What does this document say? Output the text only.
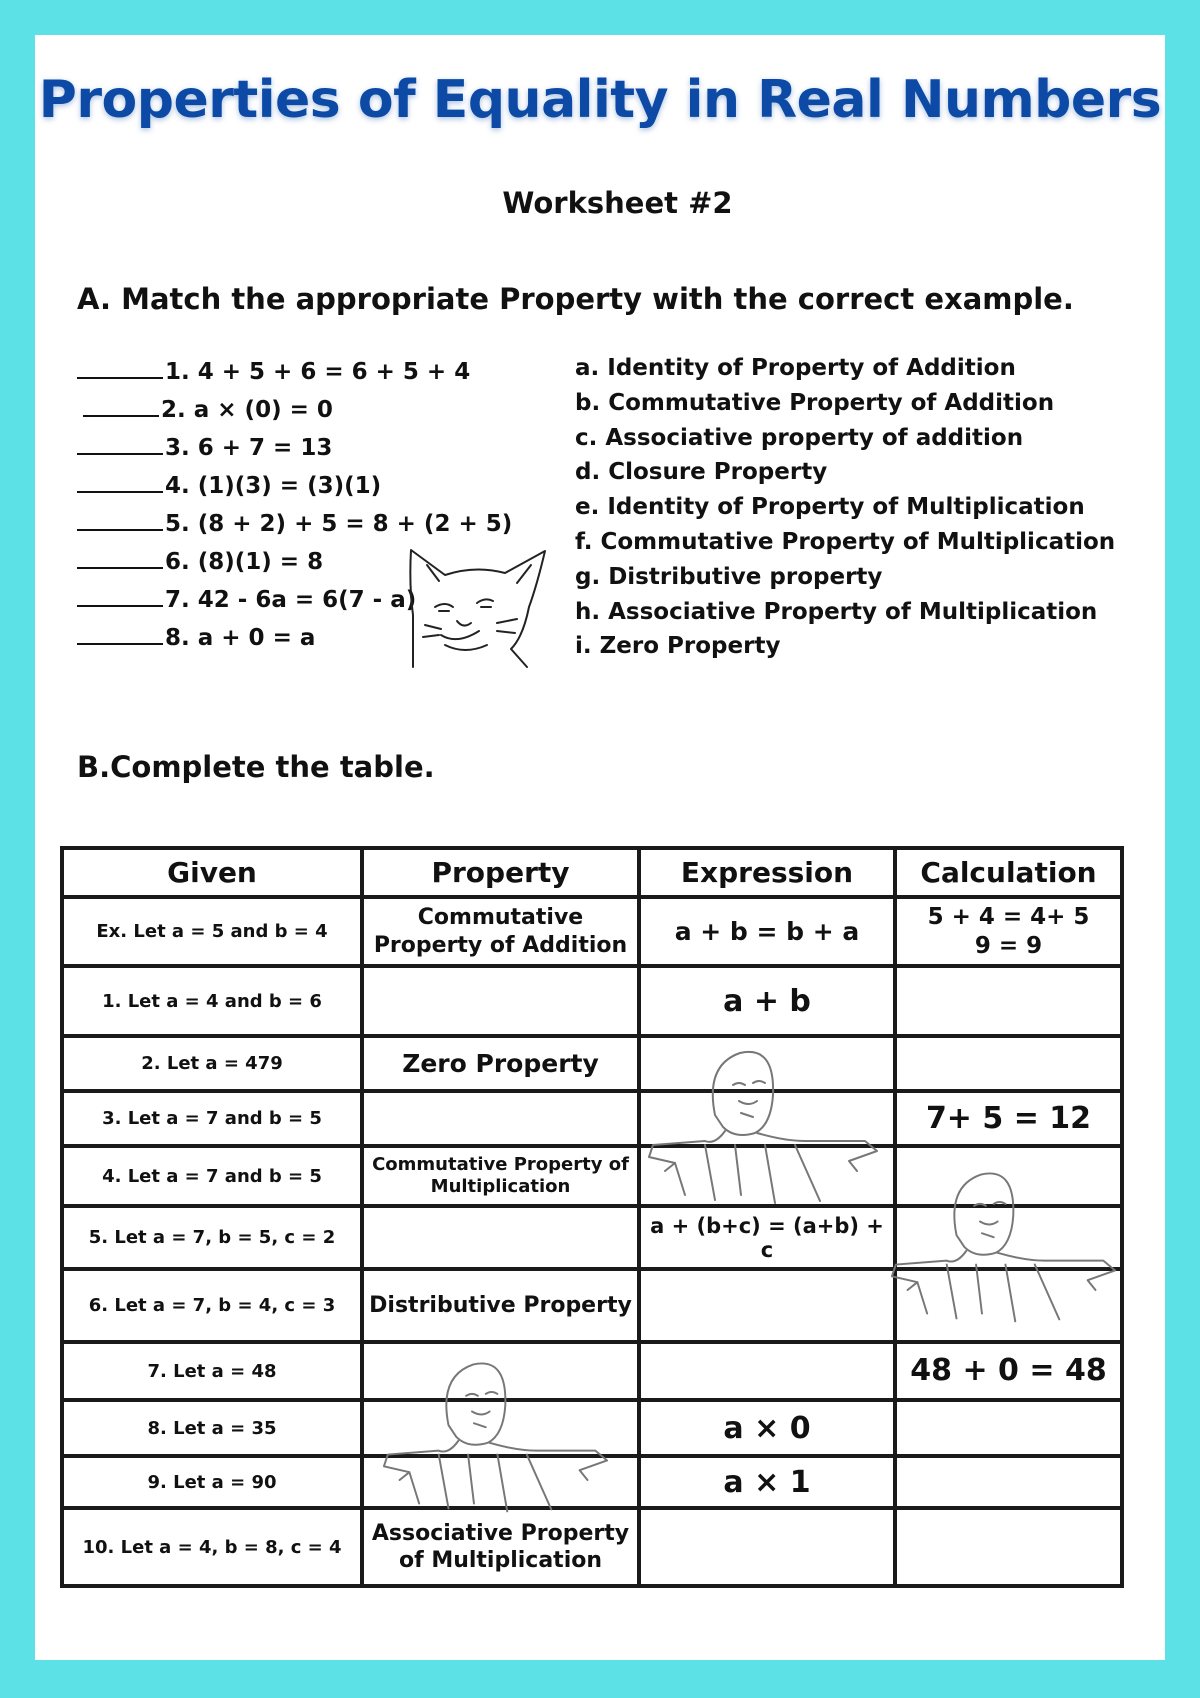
Properties of Equality in Real Numbers
Worksheet #2
A. Match the appropriate Property with the correct example.
1. 4 + 5 + 6 = 6 + 5 + 4
2. a × (0) = 0
3. 6 + 7 = 13
4. (1)(3) = (3)(1)
5. (8 + 2) + 5 = 8 + (2 + 5)
6. (8)(1) = 8
7. 42 - 6a = 6(7 - a)
8. a + 0 = a
a. Identity of Property of Addition
b. Commutative Property of Addition
c. Associative property of addition
d. Closure Property
e. Identity of Property of Multiplication
f. Commutative Property of Multiplication
g. Distributive property
h. Associative Property of Multiplication
i. Zero Property
B.Complete the table.
Given	Property	Expression	Calculation
Ex. Let a = 5 and b = 4	Commutative Property of Addition	a + b = b + a	5 + 4 = 4+ 5
9 = 9

1. Let a = 4 and b = 6		a + b	
2. Let a = 479	Zero Property		
3. Let a = 7 and b = 5			7+ 5 = 12
4. Let a = 7 and b = 5	Commutative Property of Multiplication		
5. Let a = 7, b = 5, c = 2		a + (b+c) = (a+b) + c	
6. Let a = 7, b = 4, c = 3	Distributive Property		
7. Let a = 48			48 + 0 = 48
8. Let a = 35		a × 0	
9. Let a = 90		a × 1	
10. Let a = 4, b = 8, c = 4	Associative Property of Multiplication		
